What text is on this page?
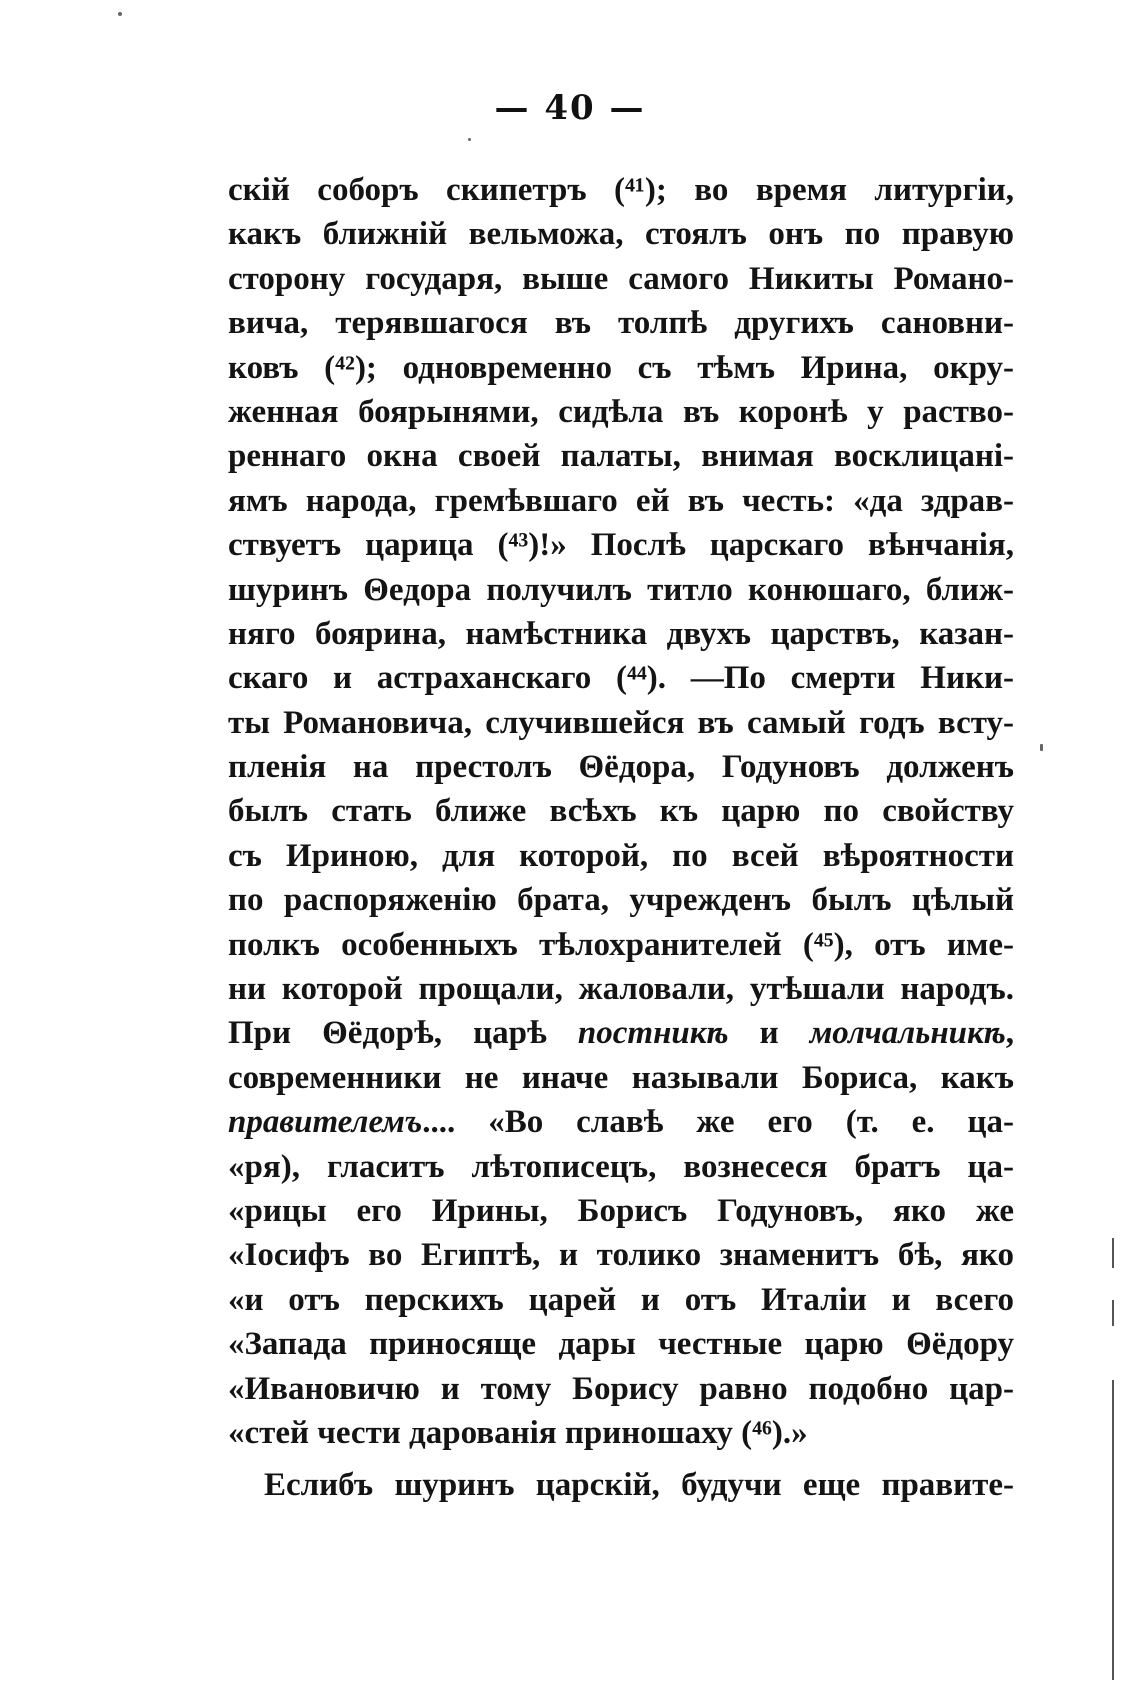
— 40 —
скій соборъ скипетръ (⁴¹); во время литургіи,
какъ ближній вельможа, стоялъ онъ по правую
сторону государя, выше самого Никиты Романо-
вича, терявшагося въ толпѣ другихъ сановни-
ковъ (⁴²); одновременно съ тѣмъ Ирина, окру-
женная боярынями, сидѣла въ коронѣ у раство-
реннаго окна своей палаты, внимая восклицані-
ямъ народа, гремѣвшаго ей въ честь: «да здрав-
ствуетъ царица (⁴³)!» Послѣ царскаго вѣнчанія,
шуринъ Θедора получилъ титло конюшаго, ближ-
няго боярина, намѣстника двухъ царствъ, казан-
скаго и астраханскаго (⁴⁴). —По смерти Ники-
ты Романовича, случившейся въ самый годъ всту-
пленія на престолъ Θёдора, Годуновъ долженъ
былъ стать ближе всѣхъ къ царю по свойству
съ Ириною, для которой, по всей вѣроятности
по распоряженію брата, учрежденъ былъ цѣлый
полкъ особенныхъ тѣлохранителей (⁴⁵), отъ име-
ни которой прощали, жаловали, утѣшали народъ.
При Θёдорѣ, царѣ постникѣ и молчальникѣ,
современники не иначе называли Бориса, какъ
правителемъ.... «Во славѣ же его (т. е. ца-
«ря), гласитъ лѣтописецъ, вознесеся братъ ца-
«рицы его Ирины, Борисъ Годуновъ, яко же
«Іосифъ во Египтѣ, и толико знаменитъ бѣ, яко
«и отъ перскихъ царей и отъ Италіи и всего
«Запада приносяще дары честные царю Θёдору
«Ивановичю и тому Борису равно подобно цар-
«стей чести дарованія приношаху (⁴⁶).»
Еслибъ шуринъ царскій, будучи еще правите-
